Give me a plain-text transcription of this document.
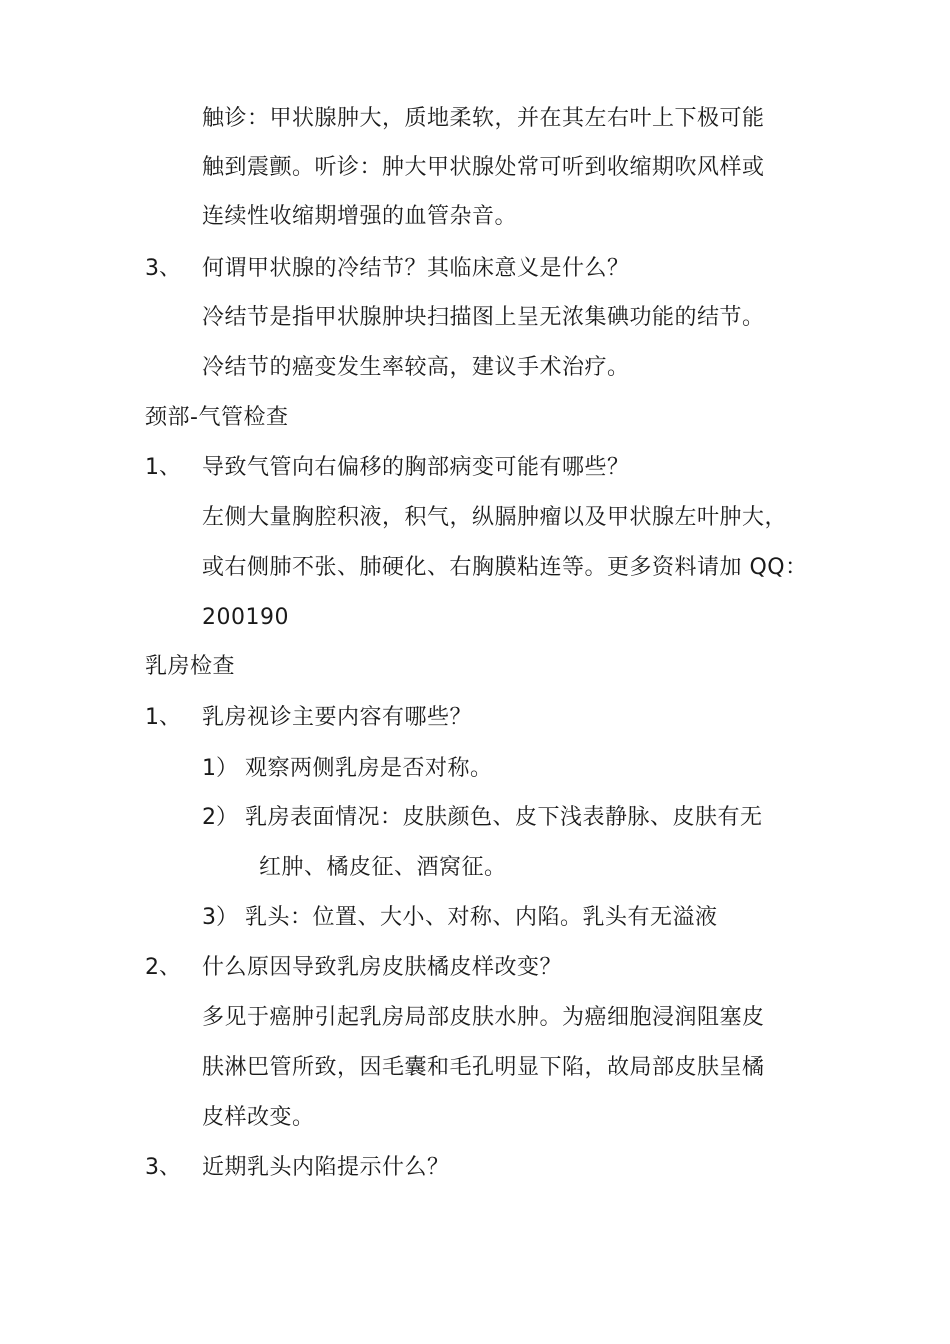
触诊：甲状腺肿大，质地柔软，并在其左右叶上下极可能
触到震颤。听诊：肿大甲状腺处常可听到收缩期吹风样或
连续性收缩期增强的血管杂音。
3、 何谓甲状腺的冷结节？其临床意义是什么？
冷结节是指甲状腺肿块扫描图上呈无浓集碘功能的结节。
冷结节的癌变发生率较高，建议手术治疗。
颈部-气管检查
1、 导致气管向右偏移的胸部病变可能有哪些？
左侧大量胸腔积液，积气，纵膈肿瘤以及甲状腺左叶肿大，
或右侧肺不张、肺硬化、右胸膜粘连等。更多资料请加 QQ：
200190
乳房检查
1、 乳房视诊主要内容有哪些？
1） 观察两侧乳房是否对称。
2） 乳房表面情况：皮肤颜色、皮下浅表静脉、皮肤有无
红肿、橘皮征、酒窝征。
3） 乳头：位置、大小、对称、内陷。乳头有无溢液
2、 什么原因导致乳房皮肤橘皮样改变？
多见于癌肿引起乳房局部皮肤水肿。为癌细胞浸润阻塞皮
肤淋巴管所致，因毛囊和毛孔明显下陷，故局部皮肤呈橘
皮样改变。
3、 近期乳头内陷提示什么？
